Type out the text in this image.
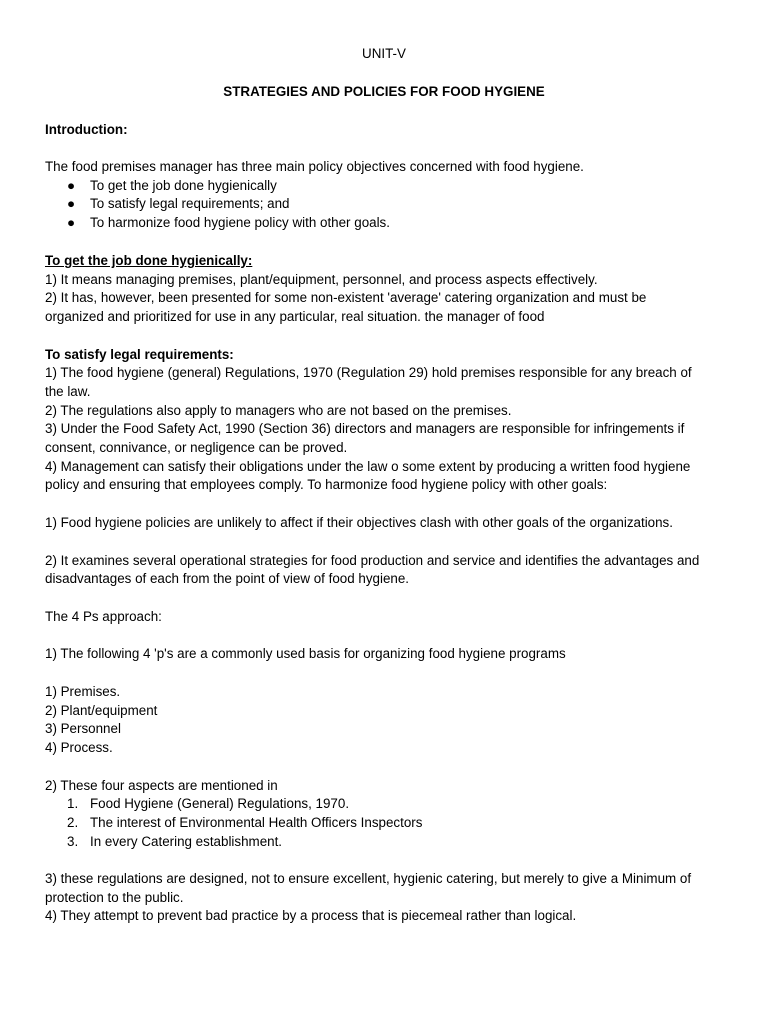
UNIT-V
STRATEGIES AND POLICIES FOR FOOD HYGIENE
Introduction:
The food premises manager has three main policy objectives concerned with food hygiene.
● To get the job done hygienically
● To satisfy legal requirements; and
● To harmonize food hygiene policy with other goals.
To get the job done hygienically:
1) It means managing premises, plant/equipment, personnel, and process aspects effectively.
2) It has, however, been presented for some non-existent 'average' catering organization and must be
organized and prioritized for use in any particular, real situation. the manager of food
To satisfy legal requirements:
1) The food hygiene (general) Regulations, 1970 (Regulation 29) hold premises responsible for any breach of
the law.
2) The regulations also apply to managers who are not based on the premises.
3) Under the Food Safety Act, 1990 (Section 36) directors and managers are responsible for infringements if
consent, connivance, or negligence can be proved.
4) Management can satisfy their obligations under the law o some extent by producing a written food hygiene
policy and ensuring that employees comply. To harmonize food hygiene policy with other goals:
1) Food hygiene policies are unlikely to affect if their objectives clash with other goals of the organizations.
2) It examines several operational strategies for food production and service and identifies the advantages and
disadvantages of each from the point of view of food hygiene.
The 4 Ps approach:
1) The following 4 'p's are a commonly used basis for organizing food hygiene programs
1) Premises.
2) Plant/equipment
3) Personnel
4) Process.
2) These four aspects are mentioned in
1. Food Hygiene (General) Regulations, 1970.
2. The interest of Environmental Health Officers Inspectors
3. In every Catering establishment.
3) these regulations are designed, not to ensure excellent, hygienic catering, but merely to give a Minimum of
protection to the public.
4) They attempt to prevent bad practice by a process that is piecemeal rather than logical.
